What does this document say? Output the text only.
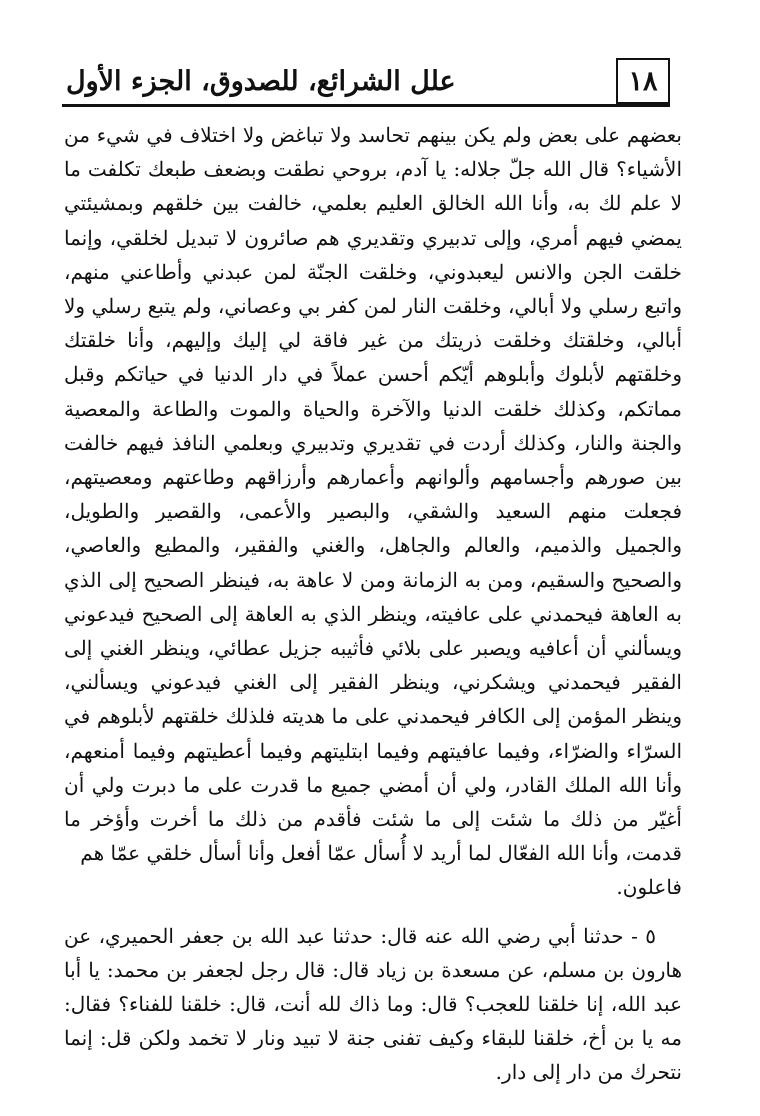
١٨
علل الشرائع، للصدوق، الجزء الأول

بعضهم على بعض ولم يكن بينهم تحاسد ولا تباغض ولا اختلاف في شيء من الأشياء؟ قال الله جلّ جلاله: يا آدم، بروحي نطقت وبضعف طبعك تكلفت ما لا علم لك به، وأنا الله الخالق العليم بعلمي، خالفت بين خلقهم وبمشيئتي يمضي فيهم أمري، وإلى تدبيري وتقديري هم صائرون لا تبديل لخلقي، وإنما خلقت الجن والانس ليعبدوني، وخلقت الجنّة لمن عبدني وأطاعني منهم، واتبع رسلي ولا أبالي، وخلقت النار لمن كفر بي وعصاني، ولم يتبع رسلي ولا أبالي، وخلقتك وخلقت ذريتك من غير فاقة لي إليك وإليهم، وأنا خلقتك وخلقتهم لأبلوك وأبلوهم أيّكم أحسن عملاً في دار الدنيا في حياتكم وقبل مماتكم، وكذلك خلقت الدنيا والآخرة والحياة والموت والطاعة والمعصية والجنة والنار، وكذلك أردت في تقديري وتدبيري وبعلمي النافذ فيهم خالفت بين صورهم وأجسامهم وألوانهم وأعمارهم وأرزاقهم وطاعتهم ومعصيتهم، فجعلت منهم السعيد والشقي، والبصير والأعمى، والقصير والطويل، والجميل والذميم، والعالم والجاهل، والغني والفقير، والمطيع والعاصي، والصحيح والسقيم، ومن به الزمانة ومن لا عاهة به، فينظر الصحيح إلى الذي به العاهة فيحمدني على عافيته، وينظر الذي به العاهة إلى الصحيح فيدعوني ويسألني أن أعافيه ويصبر على بلائي فأثيبه جزيل عطائي، وينظر الغني إلى الفقير فيحمدني ويشكرني، وينظر الفقير إلى الغني فيدعوني ويسألني، وينظر المؤمن إلى الكافر فيحمدني على ما هديته فلذلك خلقتهم لأبلوهم في السرّاء والضرّاء، وفيما عافيتهم وفيما ابتليتهم وفيما أعطيتهم وفيما أمنعهم، وأنا الله الملك القادر، ولي أن أمضي جميع ما قدرت على ما دبرت ولي أن أغيّر من ذلك ما شئت إلى ما شئت فأقدم من ذلك ما أخرت وأؤخر ما قدمت، وأنا الله الفعّال لما أريد لا أُسأل عمّا أفعل وأنا أسأل خلقي عمّا هم

فاعلون.

٥ - حدثنا أبي رضي الله عنه قال: حدثنا عبد الله بن جعفر الحميري، عن هارون بن مسلم، عن مسعدة بن زياد قال: قال رجل لجعفر بن محمد: يا أبا عبد الله، إنا خلقنا للعجب؟ قال: وما ذاك لله أنت، قال: خلقنا للفناء؟ فقال: مه يا بن أخ، خلقنا للبقاء وكيف تفنى جنة لا تبيد ونار لا تخمد ولكن قل: إنما نتحرك من دار إلى دار.
